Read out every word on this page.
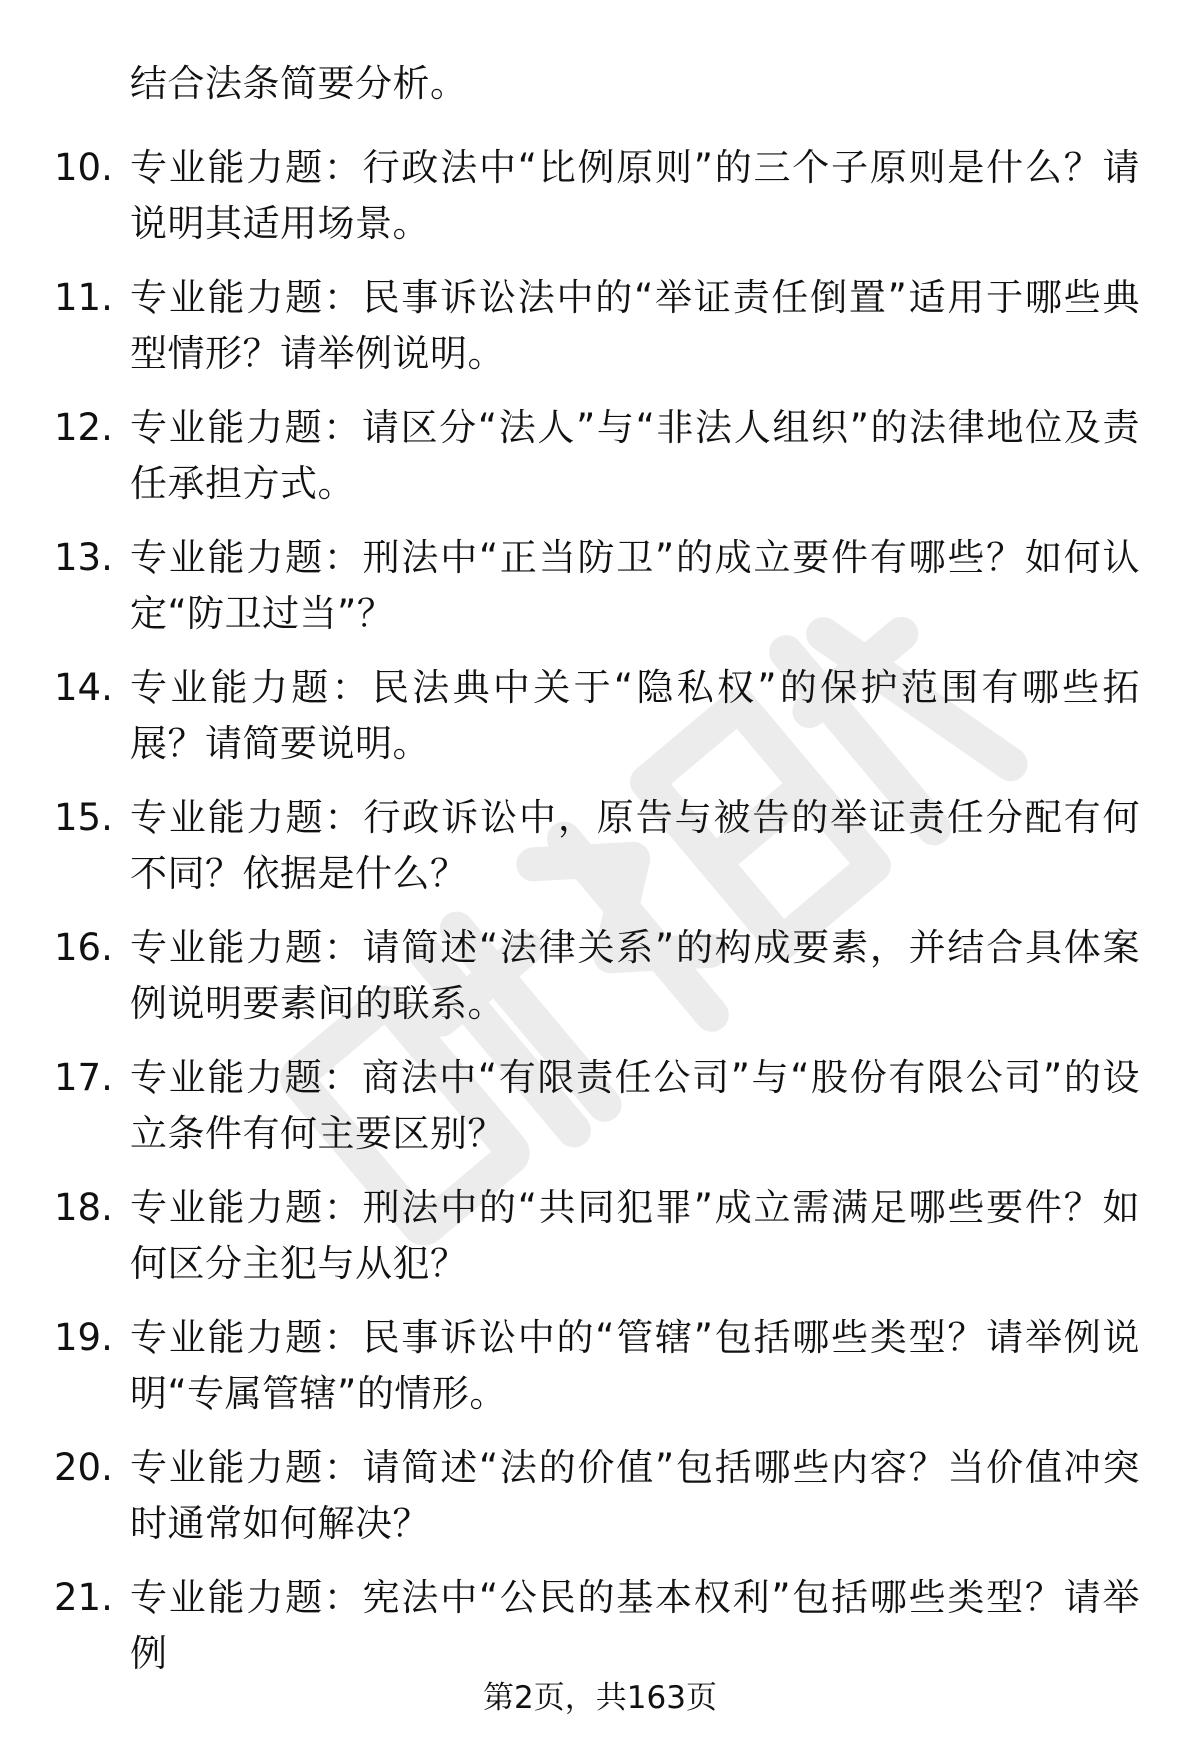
结合法条简要分析。
10. 专业能力题：行政法中“比例原则”的三个子原则是什么？请说明其适用场景。
11. 专业能力题：民事诉讼法中的“举证责任倒置”适用于哪些典型情形？请举例说明。
12. 专业能力题：请区分“法人”与“非法人组织”的法律地位及责任承担方式。
13. 专业能力题：刑法中“正当防卫”的成立要件有哪些？如何认定“防卫过当”？
14. 专业能力题：民法典中关于“隐私权”的保护范围有哪些拓展？请简要说明。
15. 专业能力题：行政诉讼中，原告与被告的举证责任分配有何不同？依据是什么？
16. 专业能力题：请简述“法律关系”的构成要素，并结合具体案例说明要素间的联系。
17. 专业能力题：商法中“有限责任公司”与“股份有限公司”的设立条件有何主要区别？
18. 专业能力题：刑法中的“共同犯罪”成立需满足哪些要件？如何区分主犯与从犯？
19. 专业能力题：民事诉讼中的“管辖”包括哪些类型？请举例说明“专属管辖”的情形。
20. 专业能力题：请简述“法的价值”包括哪些内容？当价值冲突时通常如何解决？
21. 专业能力题：宪法中“公民的基本权利”包括哪些类型？请举例
第2页，共163页
